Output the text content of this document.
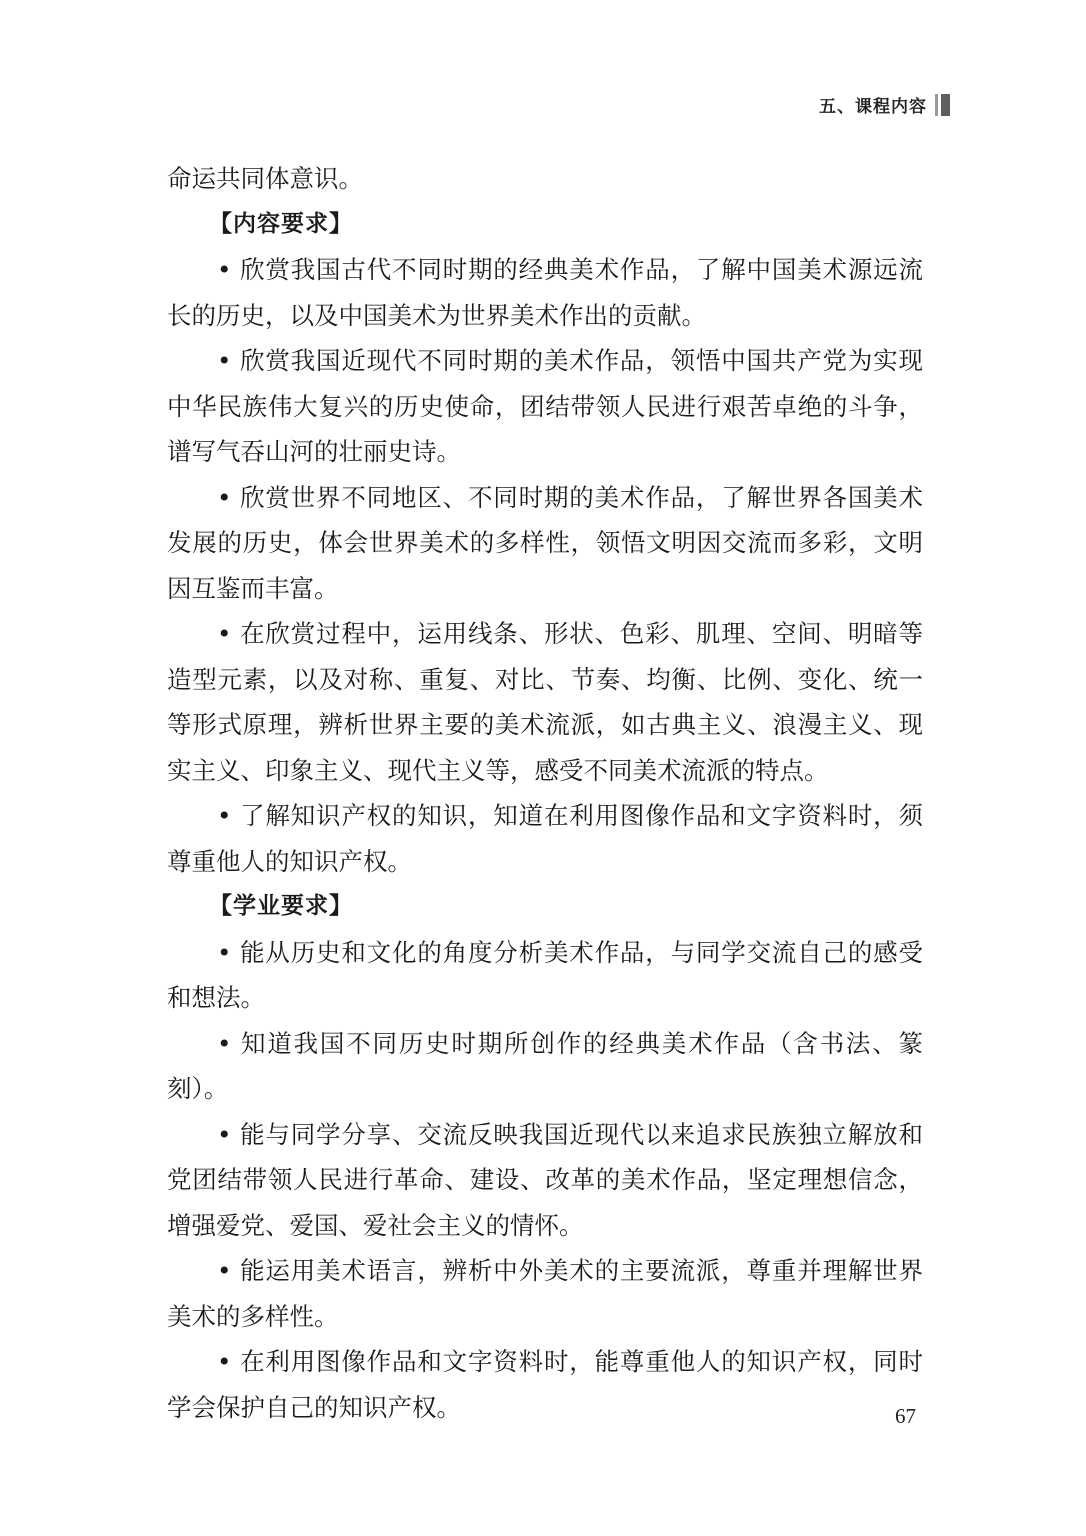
五、课程内容

命运共同体意识。

【内容要求】

• 欣赏我国古代不同时期的经典美术作品，了解中国美术源远流长的历史，以及中国美术为世界美术作出的贡献。

• 欣赏我国近现代不同时期的美术作品，领悟中国共产党为实现中华民族伟大复兴的历史使命，团结带领人民进行艰苦卓绝的斗争，谱写气吞山河的壮丽史诗。

• 欣赏世界不同地区、不同时期的美术作品，了解世界各国美术发展的历史，体会世界美术的多样性，领悟文明因交流而多彩，文明因互鉴而丰富。

• 在欣赏过程中，运用线条、形状、色彩、肌理、空间、明暗等造型元素，以及对称、重复、对比、节奏、均衡、比例、变化、统一等形式原理，辨析世界主要的美术流派，如古典主义、浪漫主义、现实主义、印象主义、现代主义等，感受不同美术流派的特点。

• 了解知识产权的知识，知道在利用图像作品和文字资料时，须尊重他人的知识产权。

【学业要求】

• 能从历史和文化的角度分析美术作品，与同学交流自己的感受和想法。

• 知道我国不同历史时期所创作的经典美术作品（含书法、篆刻）。

• 能与同学分享、交流反映我国近现代以来追求民族独立解放和党团结带领人民进行革命、建设、改革的美术作品，坚定理想信念，增强爱党、爱国、爱社会主义的情怀。

• 能运用美术语言，辨析中外美术的主要流派，尊重并理解世界美术的多样性。

• 在利用图像作品和文字资料时，能尊重他人的知识产权，同时学会保护自己的知识产权。	67
